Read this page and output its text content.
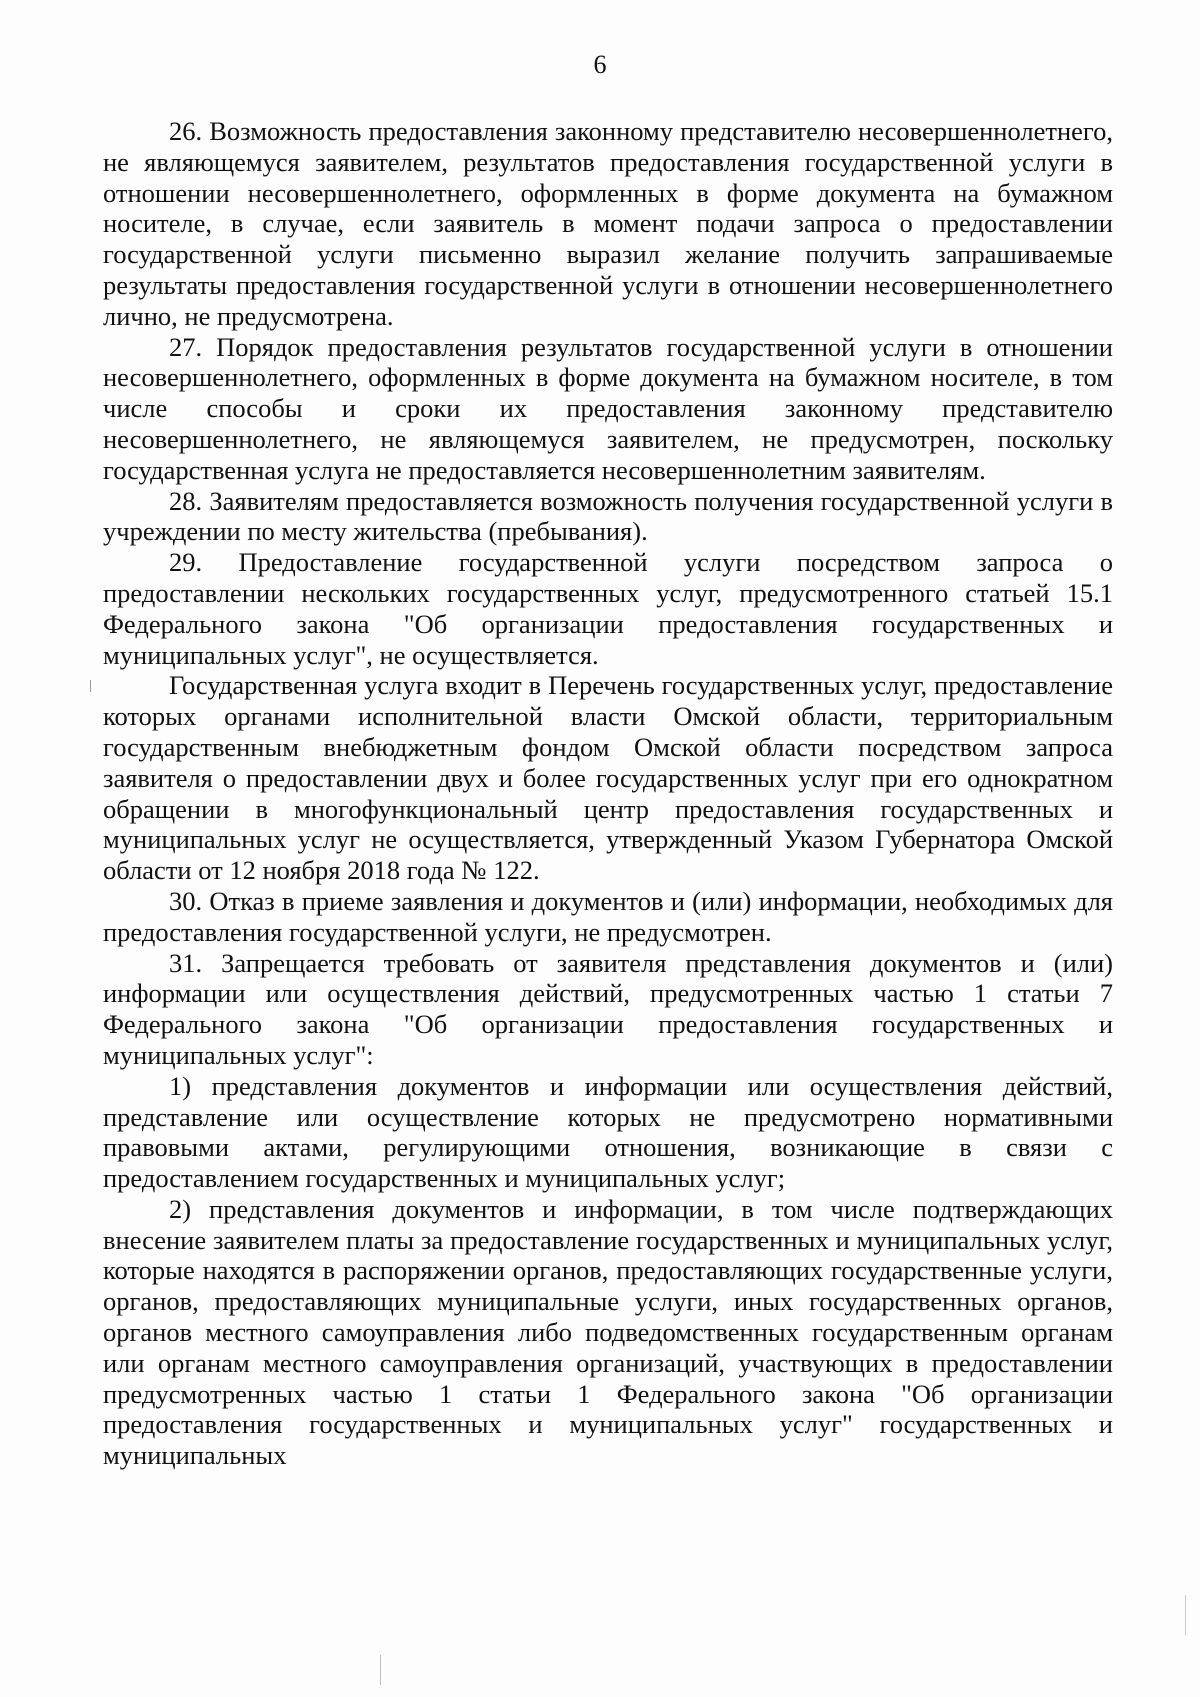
6

26. Возможность предоставления законному представителю несовершеннолетнего, не являющемуся заявителем, результатов предоставления государственной услуги в отношении несовершеннолетнего, оформленных в форме документа на бумажном носителе, в случае, если заявитель в момент подачи запроса о предоставлении государственной услуги письменно выразил желание получить запрашиваемые результаты предоставления государственной услуги в отношении несовершеннолетнего лично, не предусмотрена.

27. Порядок предоставления результатов государственной услуги в отношении несовершеннолетнего, оформленных в форме документа на бумажном носителе, в том числе способы и сроки их предоставления законному представителю несовершеннолетнего, не являющемуся заявителем, не предусмотрен, поскольку государственная услуга не предоставляется несовершеннолетним заявителям.

28. Заявителям предоставляется возможность получения государственной услуги в учреждении по месту жительства (пребывания).

29. Предоставление государственной услуги посредством запроса о предоставлении нескольких государственных услуг, предусмотренного статьей 15.1 Федерального закона "Об организации предоставления государственных и муниципальных услуг", не осуществляется.

Государственная услуга входит в Перечень государственных услуг, предоставление которых органами исполнительной власти Омской области, территориальным государственным внебюджетным фондом Омской области посредством запроса заявителя о предоставлении двух и более государственных услуг при его однократном обращении в многофункциональный центр предоставления государственных и муниципальных услуг не осуществляется, утвержденный Указом Губернатора Омской области от 12 ноября 2018 года № 122.

30. Отказ в приеме заявления и документов и (или) информации, необходимых для предоставления государственной услуги, не предусмотрен.

31. Запрещается требовать от заявителя представления документов и (или) информации или осуществления действий, предусмотренных частью 1 статьи 7 Федерального закона "Об организации предоставления государственных и муниципальных услуг":

1) представления документов и информации или осуществления действий, представление или осуществление которых не предусмотрено нормативными правовыми актами, регулирующими отношения, возникающие в связи с предоставлением государственных и муниципальных услуг;

2) представления документов и информации, в том числе подтверждающих внесение заявителем платы за предоставление государственных и муниципальных услуг, которые находятся в распоряжении органов, предоставляющих государственные услуги, органов, предоставляющих муниципальные услуги, иных государственных органов, органов местного самоуправления либо подведомственных государственным органам или органам местного самоуправления организаций, участвующих в предоставлении предусмотренных частью 1 статьи 1 Федерального закона "Об организации предоставления государственных и муниципальных услуг" государственных и муниципальных
